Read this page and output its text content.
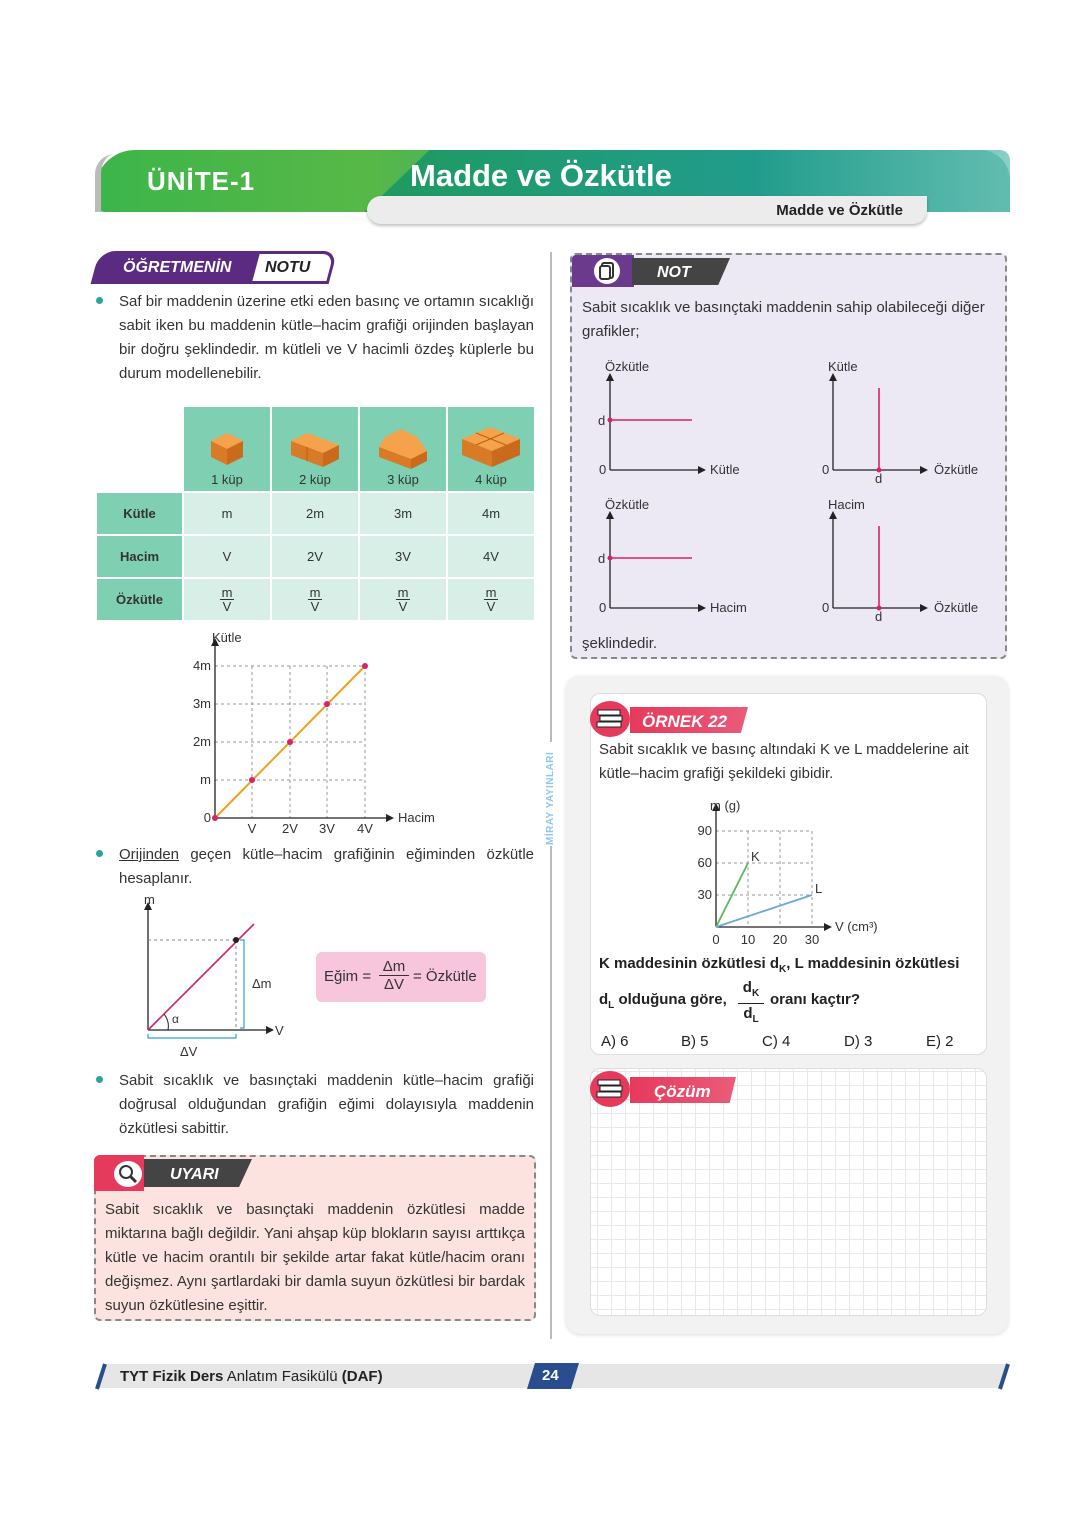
ÜNİTE-1	Madde ve Özkütle
Madde ve Özkütle
ÖĞRETMENİN NOTU
Saf bir maddenin üzerine etki eden basınç ve ortamın sıcaklığı sabit iken bu maddenin kütle–hacim grafiği orijinden başlayan bir doğru şeklindedir. m kütleli ve V hacimli özdeş küplerle bu durum modellenebilir.

1 küp	2 küp	3 küp	4 küp
Kütle	m	2m	3m	4m
Hacim	V	2V	3V	4V
Özkütle	$\frac{m}{V}$	$\frac{m}{V}$	$\frac{m}{V}$	$\frac{m}{V}$
Kütle
Hacim
4m
3m
2m
m
0
V 2V 3V 4V
Orijinden geçen kütle–hacim grafiğinin eğiminden özkütle hesaplanır.
m
V
Δm
ΔV
α
Eğim =
Δm
ΔV = Özkütle
Sabit sıcaklık ve basınçtaki maddenin kütle–hacim grafiği doğrusal olduğundan grafiğin eğimi dolayısıyla maddenin özkütlesi sabittir.
UYARI
Sabit sıcaklık ve basınçtaki maddenin özkütlesi madde miktarına bağlı değildir. Yani ahşap küp blokların sayısı arttıkça kütle ve hacim orantılı bir şekilde artar fakat kütle/hacim oranı değişmez. Aynı şartlardaki bir damla suyun özkütlesi bir bardak suyun özkütlesine eşittir.
MİRAY YAYINLARI
NOT
Sabit sıcaklık ve basınçtaki maddenin sahip olabileceği diğer grafikler;
Özkütle
Kütle
d
0
Kütle
Özkütle
d
0
Özkütle
Hacim
d
0
Hacim
Özkütle
d
0
şeklindedir.
ÖRNEK 22
Sabit sıcaklık ve basınç altındaki K ve L maddelerine ait kütle–hacim grafiği şekildeki gibidir.
K
L
m (g)
V (cm³)
90
60
30
0 10 20 30
K maddesinin özkütlesi $d_K$, L maddesinin özkütlesi
$d_L$ olduğuna göre,
$d_K$
$d_L$
oranı kaçtır?
A) 6	B) 5	C) 4	D) 3	E) 2
Çözüm
TYT Fizik Ders Anlatım Fasikülü (DAF)	24
